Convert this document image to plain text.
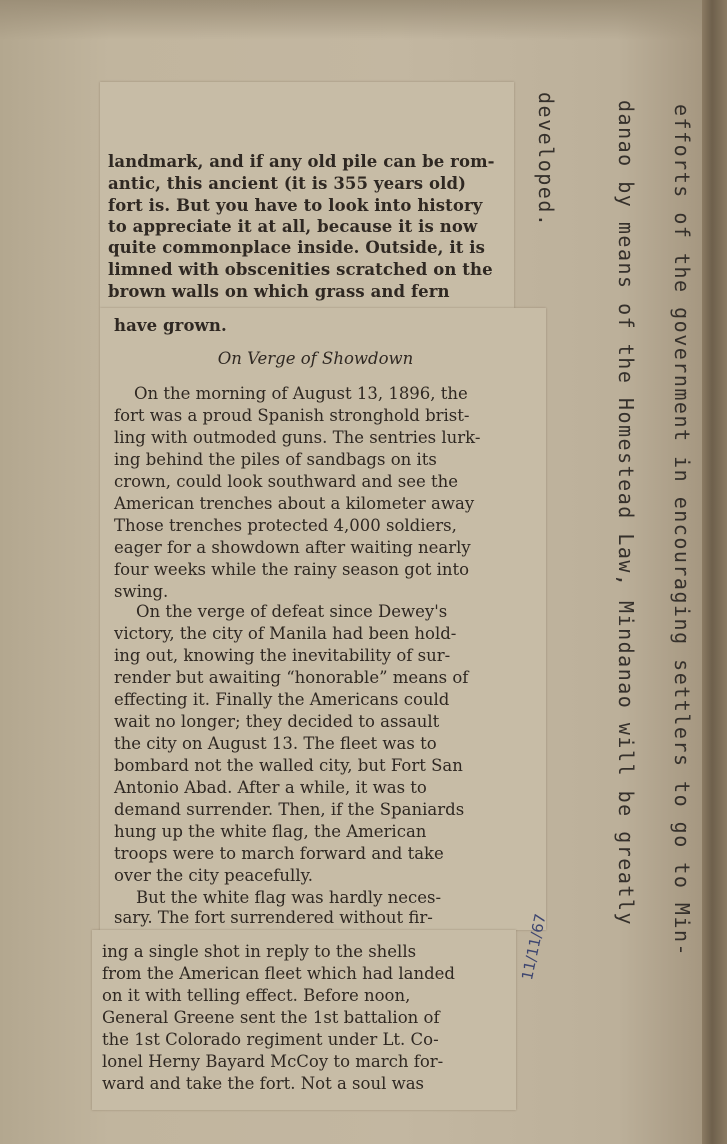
landmark, and if any old pile can be rom-
antic, this ancient (it is 355 years old)
fort is. But you have to look into history
to appreciate it at all, because it is now
quite commonplace inside. Outside, it is
limned with obscenities scratched on the
brown walls on which grass and fern
have grown.
On Verge of Showdown
On the morning of August 13, 1896, the
fort was a proud Spanish stronghold brist-
ling with outmoded guns. The sentries lurk-
ing behind the piles of sandbags on its
crown, could look southward and see the
American trenches about a kilometer away
Those trenches protected 4,000 soldiers,
eager for a showdown after waiting nearly
four weeks while the rainy season got into
swing.
On the verge of defeat since Dewey's
victory, the city of Manila had been hold-
ing out, knowing the inevitability of sur-
render but awaiting “honorable” means of
effecting it. Finally the Americans could
wait no longer; they decided to assault
the city on August 13. The fleet was to
bombard not the walled city, but Fort San
Antonio Abad. After a while, it was to
demand surrender. Then, if the Spaniards
hung up the white flag, the American
troops were to march forward and take
over the city peacefully.
But the white flag was hardly neces-
sary. The fort surrendered without fir-
ing a single shot in reply to the shells
from the American fleet which had landed
on it with telling effect. Before noon,
General Greene sent the 1st battalion of
the 1st Colorado regiment under Lt. Co-
lonel Herny Bayard McCoy to march for-
ward and take the fort. Not a soul was
developed.	danao by means of the Homestead Law, Mindanao will be greatly efforts of the government in encouraging settlers to go to Min-
11/11/67
